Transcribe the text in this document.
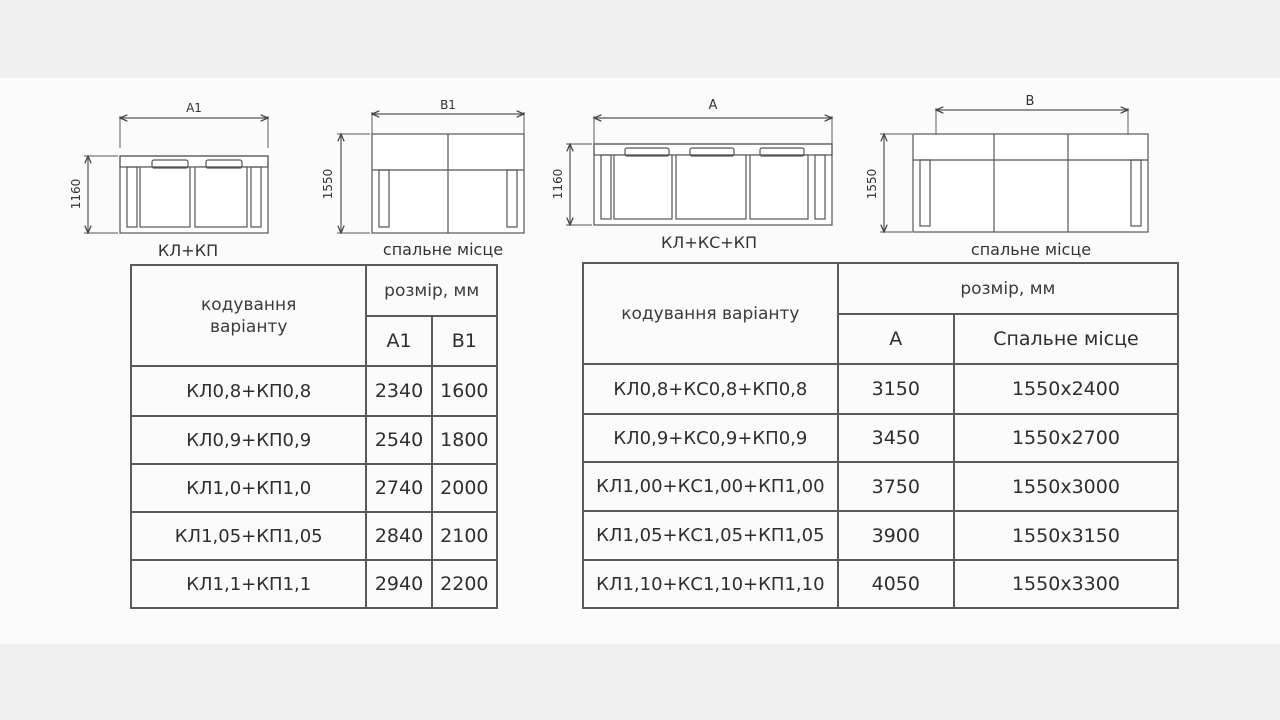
A1
1160
КЛ+КП
B1
1550
спальне місце
A
1160
КЛ+КС+КП
B
1550
спальне місце
кодування варіанту	розмір, мм	
	А1	В1
КЛ0,8+КП0,8	2340	1600
КЛ0,9+КП0,9	2540	1800
КЛ1,0+КП1,0	2740	2000
КЛ1,05+КП1,05	2840	2100
КЛ1,1+КП1,1	2940	2200
кодування варіанту	розмір, мм	
	А	Спальне місце
КЛ0,8+КС0,8+КП0,8	3150	1550x2400
КЛ0,9+КС0,9+КП0,9	3450	1550x2700
КЛ1,00+КС1,00+КП1,00	3750	1550x3000
КЛ1,05+КС1,05+КП1,05	3900	1550x3150
КЛ1,10+КС1,10+КП1,10	4050	1550x3300
